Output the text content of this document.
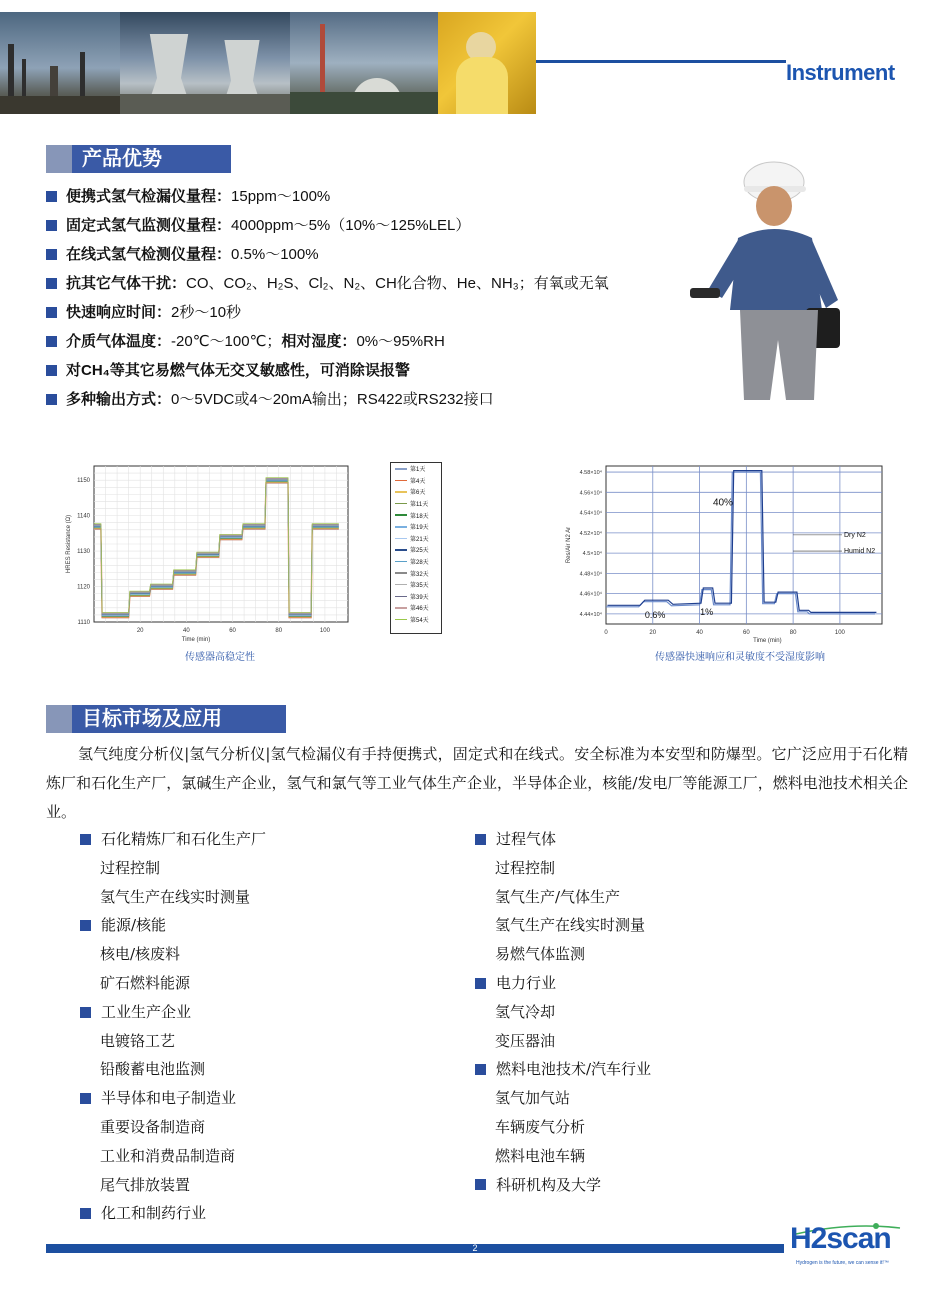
Instrument
产品优势
便携式氢气检漏仪量程： 15ppm～100%
固定式氢气监测仪量程： 4000ppm～5%（10%～125%LEL）
在线式氢气检测仪量程： 0.5%～100%
抗其它气体干扰： CO、CO₂、H₂S、Cl₂、N₂、CH化合物、He、NH₃；有氧或无氧
快速响应时间： 2秒～10秒
介质气体温度： -20℃～100℃； 相对湿度： 0%～95%RH
对CH₄等其它易燃气体无交叉敏感性，可消除误报警
多种输出方式： 0～5VDC或4～20mA输出；RS422或RS232接口
20	40	60	80	100
1110
1120
1130
1140
1150
Time (min)
HRES Resistance (Ω)
第1天
第4天
第6天
第11天
第18天
第19天
第21天
第25天
第28天
第32天
第35天
第39天
第46天
第54天
传感器高稳定性
0	20	40	60	80	100
4.44×10⁴
4.46×10⁴
4.48×10⁴
4.5×10⁴
4.52×10⁴
4.54×10⁴
4.56×10⁴
4.58×10⁴
Time (min)
Res/Air N2 Ar	Dry N2
Humid N2
0.6%	1%
40%
传感器快速响应和灵敏度不受湿度影响
目标市场及应用

氢气纯度分析仪|氢气分析仪|氢气检漏仪有手持便携式，固定式和在线式。安全标准为本安型和防爆型。它广泛应用于石化精炼厂和石化生产厂，氯碱生产企业，氢气和氯气等工业气体生产企业，半导体企业，核能/发电厂等能源工厂，燃料电池技术相关企业。

石化精炼厂和石化生产厂
过程控制
氢气生产在线实时测量
能源/核能
核电/核废料
矿石燃料能源
工业生产企业
电镀铬工艺
铅酸蓄电池监测
半导体和电子制造业
重要设备制造商
工业和消费品制造商
尾气排放装置
化工和制药行业
过程气体
过程控制
氢气生产/气体生产
氢气生产在线实时测量
易燃气体监测
电力行业
氢气冷却
变压器油
燃料电池技术/汽车行业
氢气加气站
车辆废气分析
燃料电池车辆
科研机构及大学
2	H2scan
Hydrogen is the future, we can sense it!™
